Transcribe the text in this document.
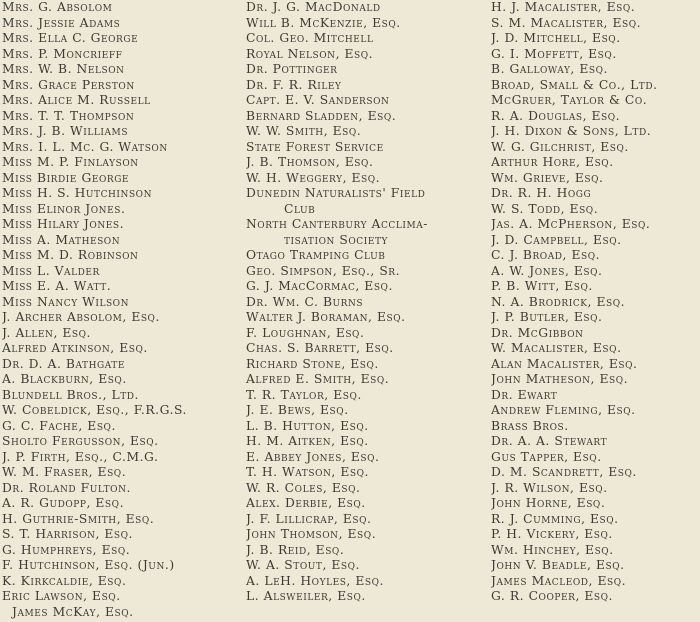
Mrs. G. Absolom
Mrs. Jessie Adams
Mrs. Ella C. George
Mrs. P. Moncrieff
Mrs. W. B. Nelson
Mrs. Grace Perston
Mrs. Alice M. Russell
Mrs. T. T. Thompson
Mrs. J. B. Williams
Mrs. I. L. Mc. G. Watson
Miss M. P. Finlayson
Miss Birdie George
Miss H. S. Hutchinson
Miss Elinor Jones.
Miss Hilary Jones.
Miss A. Matheson
Miss M. D. Robinson
Miss L. Valder
Miss E. A. Watt.
Miss Nancy Wilson
J. Archer Absolom, Esq.
J. Allen, Esq.
Alfred Atkinson, Esq.
Dr. D. A. Bathgate
A. Blackburn, Esq.
Blundell Bros., Ltd.
W. Cobeldick, Esq., F.R.G.S.
G. C. Fache, Esq.
Sholto Fergusson, Esq.
J. P. Firth, Esq., C.M.G.
W. M. Fraser, Esq.
Dr. Roland Fulton.
A. R. Gudopp, Esq.
H. Guthrie-Smith, Esq.
S. T. Harrison, Esq.
G. Humphreys, Esq.
F. Hutchinson, Esq. (Jun.)
K. Kirkcaldie, Esq.
Eric Lawson, Esq.
James McKay, Esq.
Dr. J. G. MacDonald
Will B. McKenzie, Esq.
Col. Geo. Mitchell
Royal Nelson, Esq.
Dr. Pottinger
Dr. F. R. Riley
Capt. E. V. Sanderson
Bernard Sladden, Esq.
W. W. Smith, Esq.
State Forest Service
J. B. Thomson, Esq.
W. H. Weggery, Esq.
Dunedin Naturalists' Field
Club
North Canterbury Acclima-
tisation Society
Otago Tramping Club
Geo. Simpson, Esq., Sr.
G. J. MacCormac, Esq.
Dr. Wm. C. Burns
Walter J. Boraman, Esq.
F. Loughnan, Esq.
Chas. S. Barrett, Esq.
Richard Stone, Esq.
Alfred E. Smith, Esq.
T. R. Taylor, Esq.
J. E. Bews, Esq.
L. B. Hutton, Esq.
H. M. Aitken, Esq.
E. Abbey Jones, Esq.
T. H. Watson, Esq.
W. R. Coles, Esq.
Alex. Derbie, Esq.
J. F. Lillicrap, Esq.
John Thomson, Esq.
J. B. Reid, Esq.
W. A. Stout, Esq.
A. LeH. Hoyles, Esq.
L. Alsweiler, Esq.
H. J. Macalister, Esq.
S. M. Macalister, Esq.
J. D. Mitchell, Esq.
G. I. Moffett, Esq.
B. Galloway, Esq.
Broad, Small & Co., Ltd.
McGruer, Taylor & Co.
R. A. Douglas, Esq.
J. H. Dixon & Sons, Ltd.
W. G. Gilchrist, Esq.
Arthur Hore, Esq.
Wm. Grieve, Esq.
Dr. R. H. Hogg
W. S. Todd, Esq.
Jas. A. McPherson, Esq.
J. D. Campbell, Esq.
C. J. Broad, Esq.
A. W. Jones, Esq.
P. B. Witt, Esq.
N. A. Brodrick, Esq.
J. P. Butler, Esq.
Dr. McGibbon
W. Macalister, Esq.
Alan Macalister, Esq.
John Matheson, Esq.
Dr. Ewart
Andrew Fleming, Esq.
Brass Bros.
Dr. A. A. Stewart
Gus Tapper, Esq.
D. M. Scandrett, Esq.
J. R. Wilson, Esq.
John Horne, Esq.
R. J. Cumming, Esq.
P. H. Vickery, Esq.
Wm. Hinchey, Esq.
John V. Beadle, Esq.
James Macleod, Esq.
G. R. Cooper, Esq.
